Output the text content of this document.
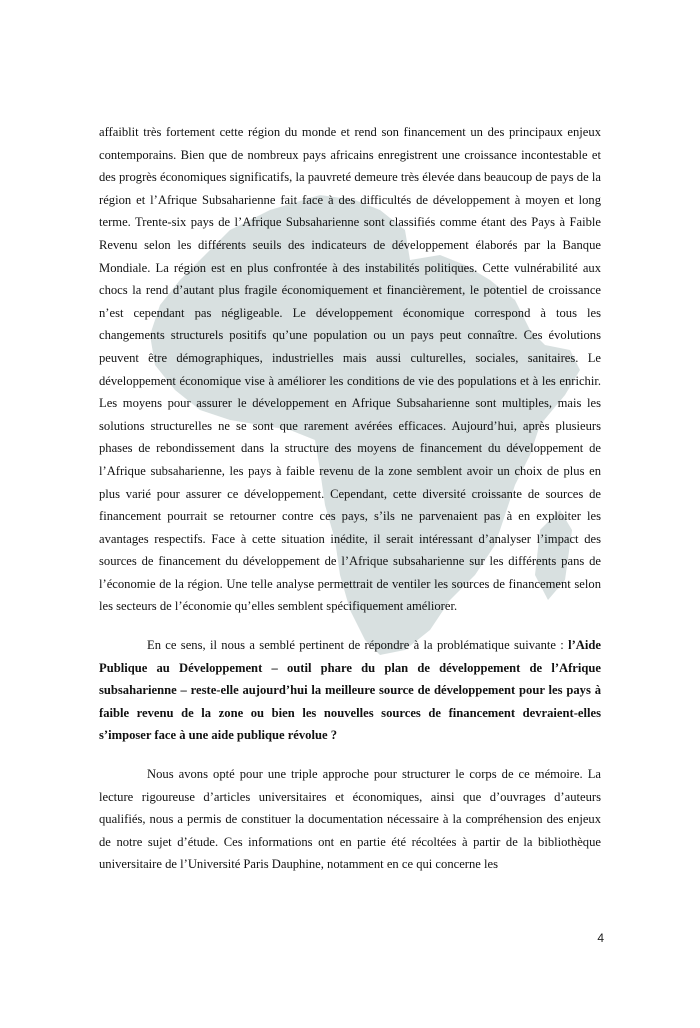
affaiblit très fortement cette région du monde et rend son financement un des principaux enjeux contemporains. Bien que de nombreux pays africains enregistrent une croissance incontestable et des progrès économiques significatifs, la pauvreté demeure très élevée dans beaucoup de pays de la région et l’Afrique Subsaharienne fait face à des difficultés de développement à moyen et long terme. Trente-six pays de l’Afrique Subsaharienne sont classifiés comme étant des Pays à Faible Revenu selon les différents seuils des indicateurs de développement élaborés par la Banque Mondiale. La région est en plus confrontée à des instabilités politiques. Cette vulnérabilité aux chocs la rend d’autant plus fragile économiquement et financièrement, le potentiel de croissance n’est cependant pas négligeable. Le développement économique correspond à tous les changements structurels positifs qu’une population ou un pays peut connaître. Ces évolutions peuvent être démographiques, industrielles mais aussi culturelles, sociales, sanitaires. Le développement économique vise à améliorer les conditions de vie des populations et à les enrichir. Les moyens pour assurer le développement en Afrique Subsaharienne sont multiples, mais les solutions structurelles ne se sont que rarement avérées efficaces. Aujourd’hui, après plusieurs phases de rebondissement dans la structure des moyens de financement du développement de l’Afrique subsaharienne, les pays à faible revenu de la zone semblent avoir un choix de plus en plus varié pour assurer ce développement. Cependant, cette diversité croissante de sources de financement pourrait se retourner contre ces pays, s’ils ne parvenaient pas à en exploiter les avantages respectifs. Face à cette situation inédite, il serait intéressant d’analyser l’impact des sources de financement du développement de l’Afrique subsaharienne sur les différents pans de l’économie de la région. Une telle analyse permettrait de ventiler les sources de financement selon les secteurs de l’économie qu’elles semblent spécifiquement améliorer.

En ce sens, il nous a semblé pertinent de répondre à la problématique suivante : l’Aide Publique au Développement – outil phare du plan de développement de l’Afrique subsaharienne – reste-elle aujourd’hui la meilleure source de développement pour les pays à faible revenu de la zone ou bien les nouvelles sources de financement devraient-elles s’imposer face à une aide publique révolue ?

Nous avons opté pour une triple approche pour structurer le corps de ce mémoire. La lecture rigoureuse d’articles universitaires et économiques, ainsi que d’ouvrages d’auteurs qualifiés, nous a permis de constituer la documentation nécessaire à la compréhension des enjeux de notre sujet d’étude. Ces informations ont en partie été récoltées à partir de la bibliothèque universitaire de l’Université Paris Dauphine, notamment en ce qui concerne les

4
